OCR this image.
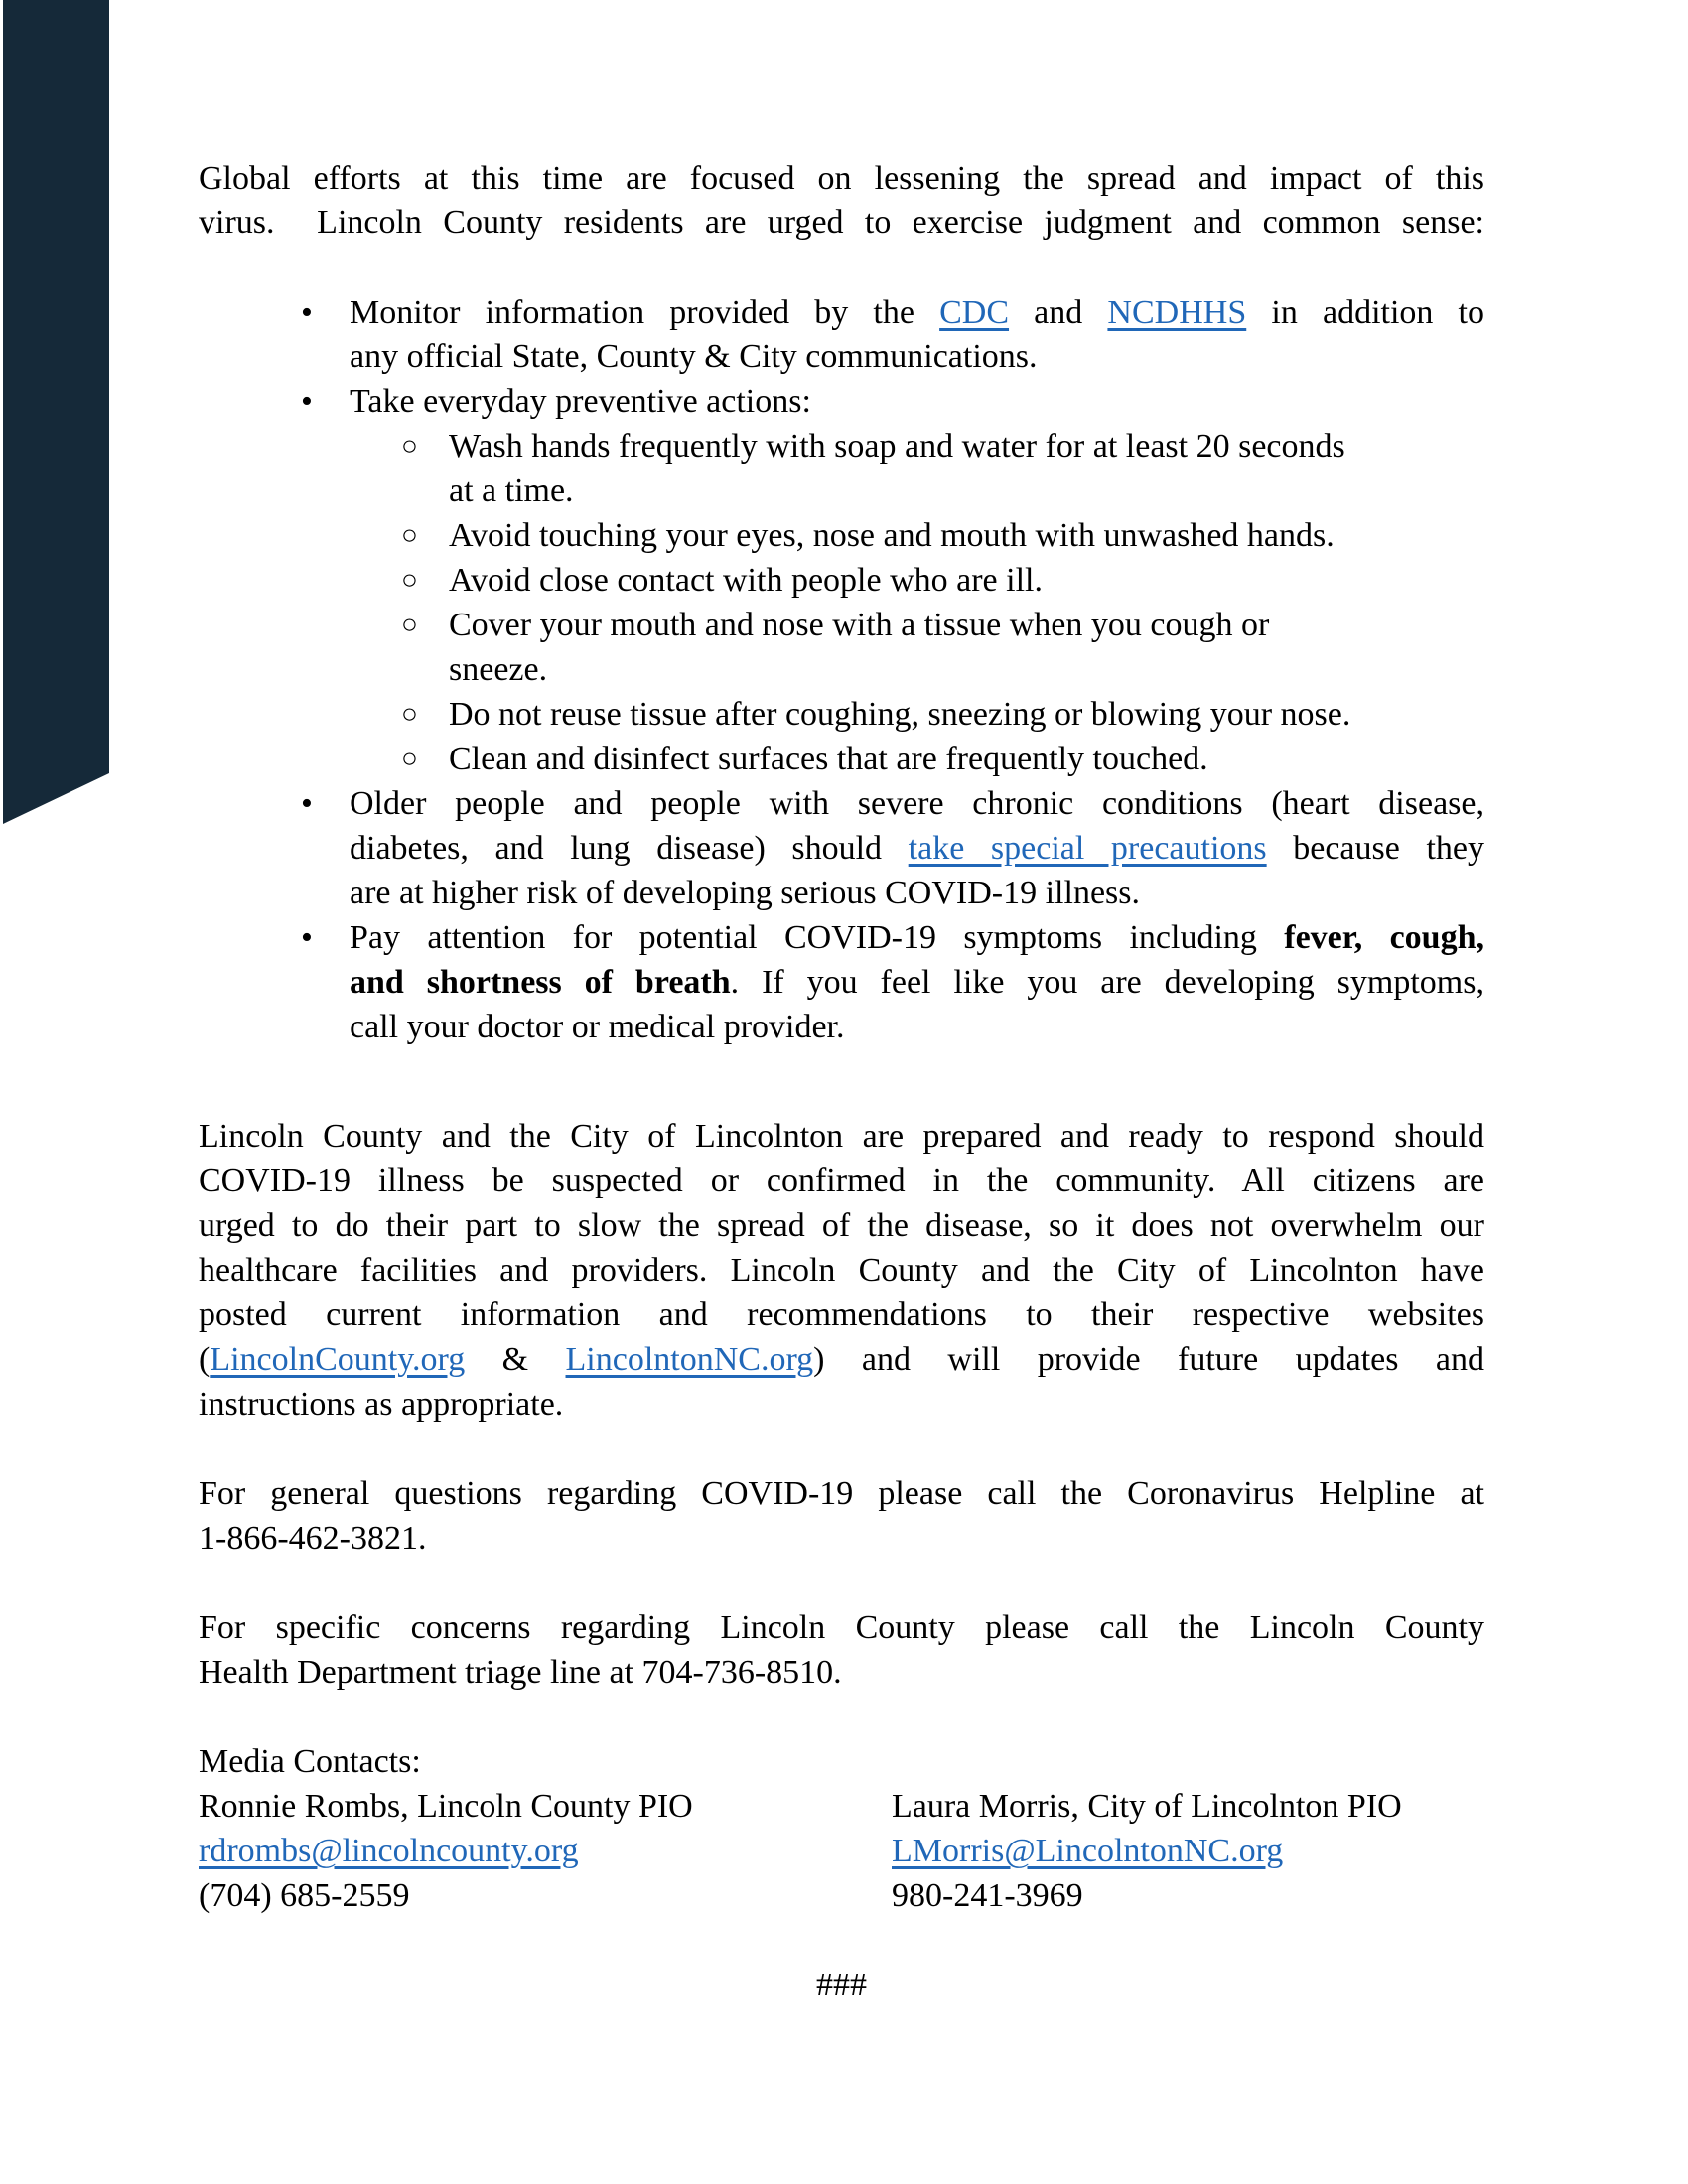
Global efforts at this time are focused on lessening the spread and impact of this
virus.  Lincoln County residents are urged to exercise judgment and common sense:
• Monitor information provided by the CDC and NCDHHS in addition to
any official State, County & City communications.
• Take everyday preventive actions:
○ Wash hands frequently with soap and water for at least 20 seconds
at a time.
○ Avoid touching your eyes, nose and mouth with unwashed hands.
○ Avoid close contact with people who are ill.
○ Cover your mouth and nose with a tissue when you cough or
sneeze.
○ Do not reuse tissue after coughing, sneezing or blowing your nose.
○ Clean and disinfect surfaces that are frequently touched.
• Older people and people with severe chronic conditions (heart disease,
diabetes, and lung disease) should take special precautions because they
are at higher risk of developing serious COVID-19 illness.
• Pay attention for potential COVID-19 symptoms including fever, cough,
and shortness of breath. If you feel like you are developing symptoms,
call your doctor or medical provider.
Lincoln County and the City of Lincolnton are prepared and ready to respond should
COVID-19 illness be suspected or confirmed in the community. All citizens are
urged to do their part to slow the spread of the disease, so it does not overwhelm our
healthcare facilities and providers. Lincoln County and the City of Lincolnton have
posted current information and recommendations to their respective websites
(LincolnCounty.org & LincolntonNC.org) and will provide future updates and
instructions as appropriate.
For general questions regarding COVID-19 please call the Coronavirus Helpline at
1-866-462-3821.
For specific concerns regarding Lincoln County please call the Lincoln County
Health Department triage line at 704-736-8510.
Media Contacts:
Ronnie Rombs, Lincoln County PIO
rdrombs@lincolncounty.org
(704) 685-2559
Laura Morris, City of Lincolnton PIO
LMorris@LincolntonNC.org
980-241-3969
###
